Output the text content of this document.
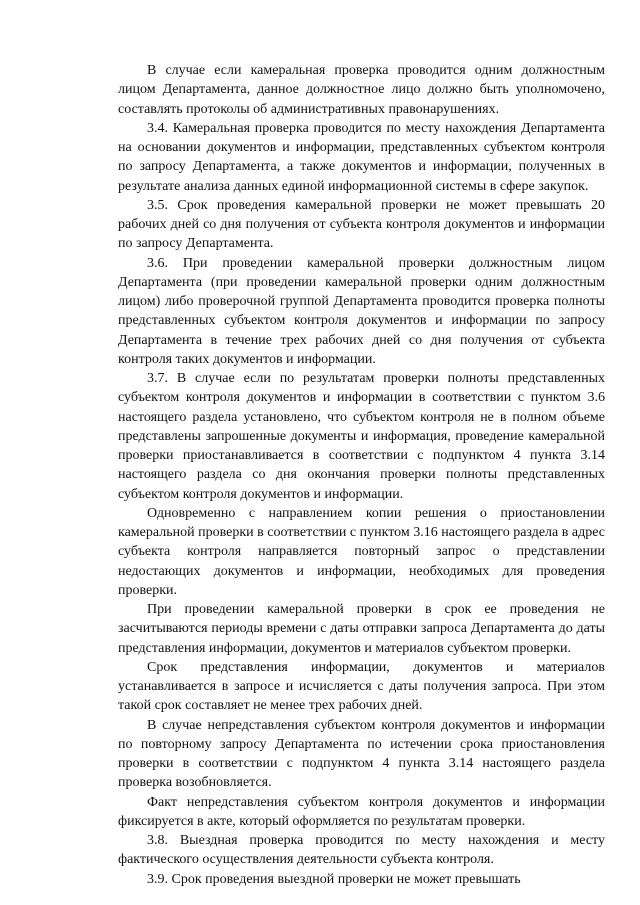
В случае если камеральная проверка проводится одним должностным лицом Департамента, данное должностное лицо должно быть уполномочено, составлять протоколы об административных правонарушениях.

3.4. Камеральная проверка проводится по месту нахождения Департамента на основании документов и информации, представленных субъектом контроля по запросу Департамента, а также документов и информации, полученных в результате анализа данных единой информационной системы в сфере закупок.

3.5. Срок проведения камеральной проверки не может превышать 20 рабочих дней со дня получения от субъекта контроля документов и информации по запросу Департамента.

3.6. При проведении камеральной проверки должностным лицом Департамента (при проведении камеральной проверки одним должностным лицом) либо проверочной группой Департамента проводится проверка полноты представленных субъектом контроля документов и информации по запросу Департамента в течение трех рабочих дней со дня получения от субъекта контроля таких документов и информации.

3.7. В случае если по результатам проверки полноты представленных субъектом контроля документов и информации в соответствии с пунктом 3.6 настоящего раздела установлено, что субъектом контроля не в полном объеме представлены запрошенные документы и информация, проведение камеральной проверки приостанавливается в соответствии с подпунктом 4 пункта 3.14 настоящего раздела со дня окончания проверки полноты представленных субъектом контроля документов и информации.

Одновременно с направлением копии решения о приостановлении камеральной проверки в соответствии с пунктом 3.16 настоящего раздела в адрес субъекта контроля направляется повторный запрос о представлении недостающих документов и информации, необходимых для проведения проверки.

При проведении камеральной проверки в срок ее проведения не засчитываются периоды времени с даты отправки запроса Департамента до даты представления информации, документов и материалов субъектом проверки.

Срок представления информации, документов и материалов устанавливается в запросе и исчисляется с даты получения запроса. При этом такой срок составляет не менее трех рабочих дней.

В случае непредставления субъектом контроля документов и информации по повторному запросу Департамента по истечении срока приостановления проверки в соответствии с подпунктом 4 пункта 3.14 настоящего раздела проверка возобновляется.

Факт непредставления субъектом контроля документов и информации фиксируется в акте, который оформляется по результатам проверки.

3.8. Выездная проверка проводится по месту нахождения и месту фактического осуществления деятельности субъекта контроля.

3.9. Срок проведения выездной проверки не может превышать
